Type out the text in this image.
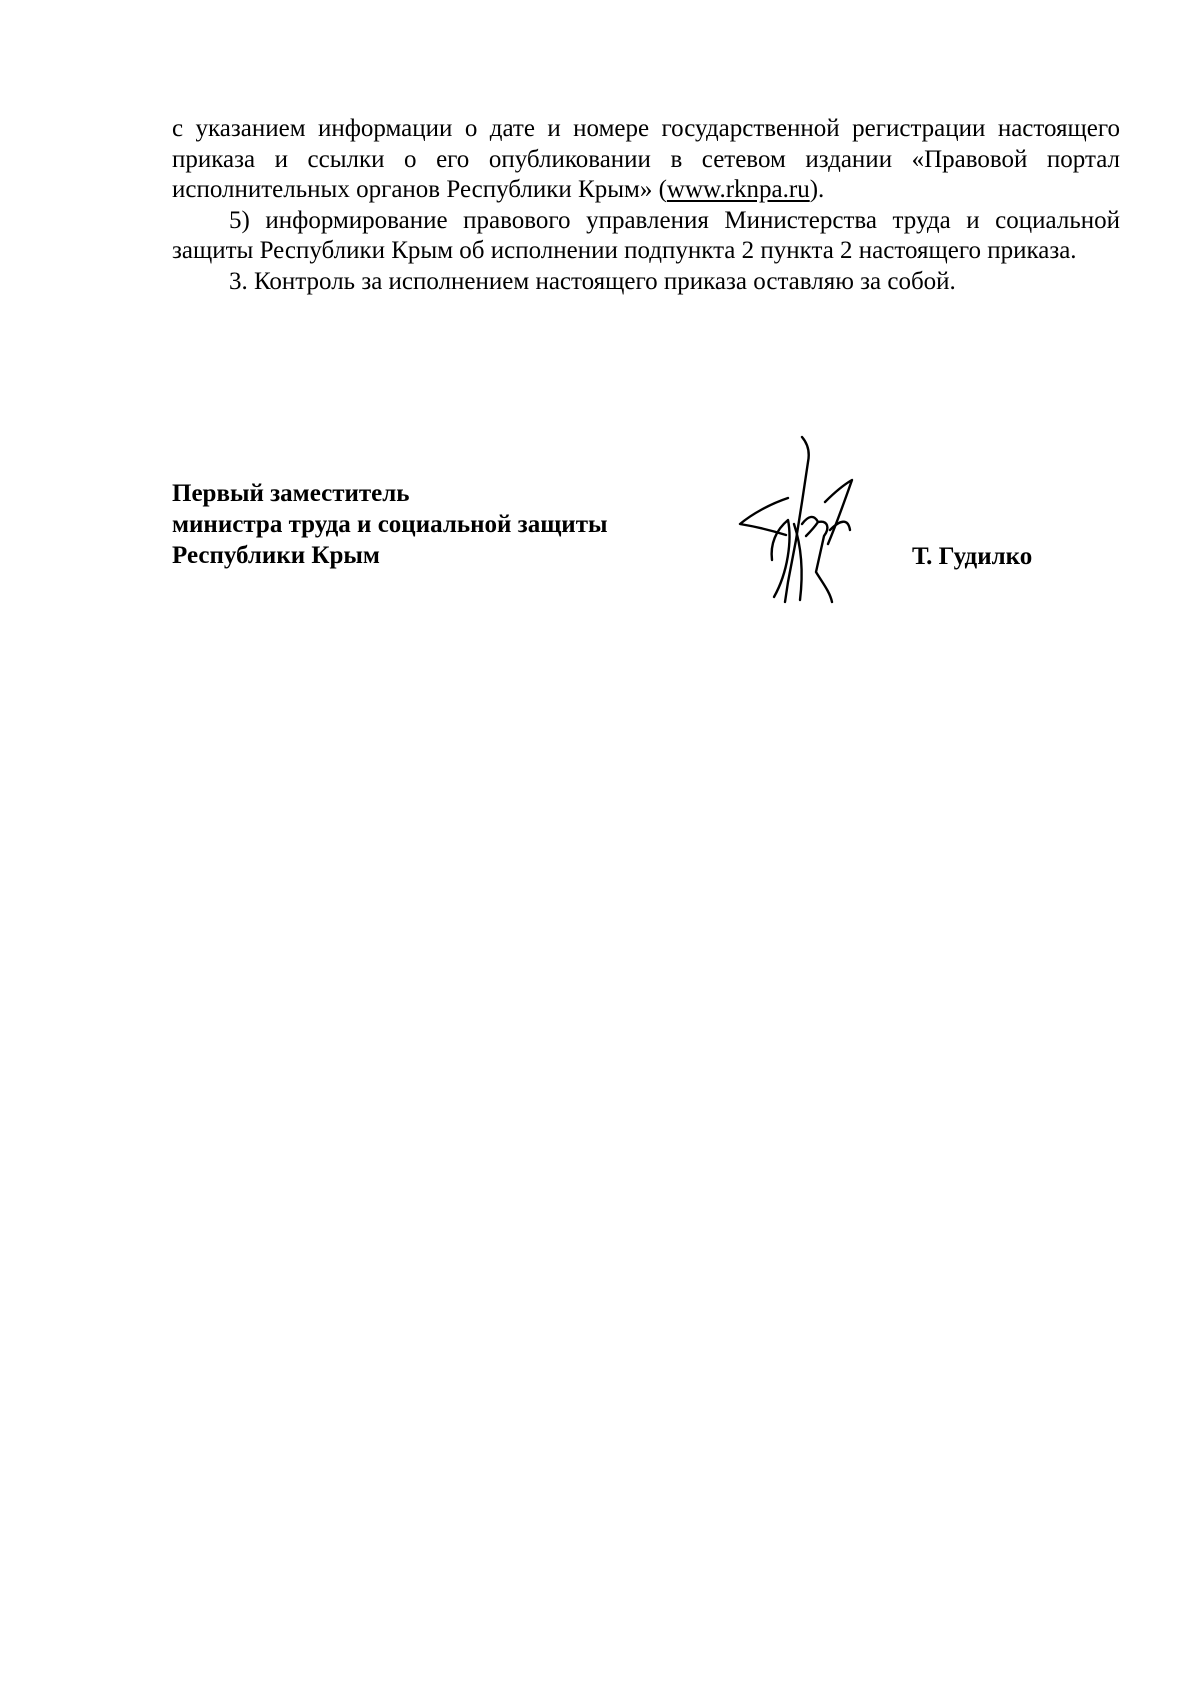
с указанием информации о дате и номере государственной регистрации настоящего приказа и ссылки о его опубликовании в сетевом издании «Правовой портал исполнительных органов Республики Крым» (www.rknpa.ru).

5) информирование правового управления Министерства труда и социальной защиты Республики Крым об исполнении подпункта 2 пункта 2 настоящего приказа.

3. Контроль за исполнением настоящего приказа оставляю за собой.

Первый заместитель
министра труда и социальной защиты
Республики Крым	Т. Гудилко
